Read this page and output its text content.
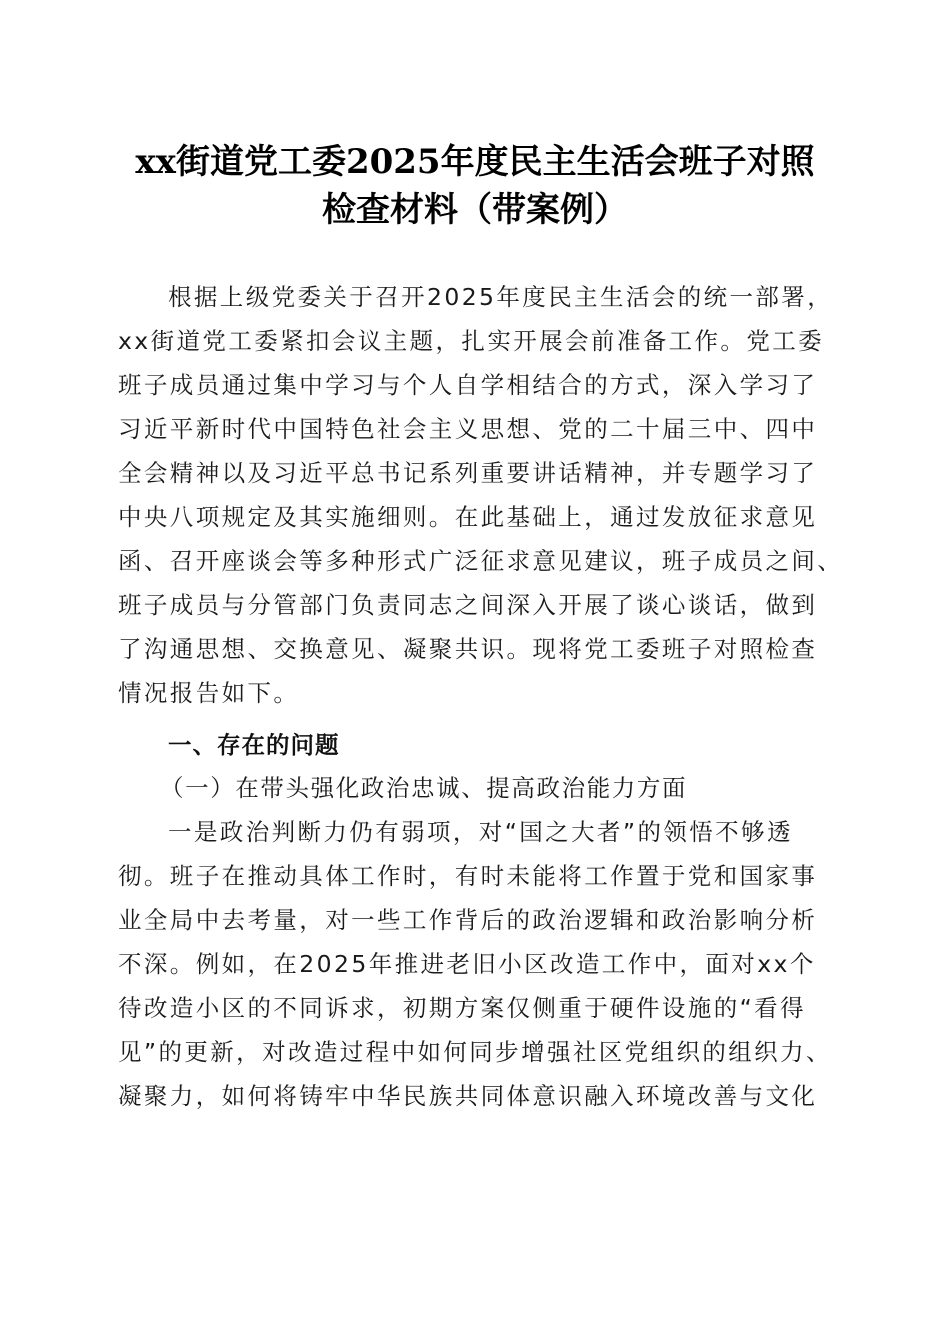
xx街道党工委2025年度民主生活会班子对照
检查材料（带案例）
根据上级党委关于召开2025年度民主生活会的统一部署，
xx街道党工委紧扣会议主题，扎实开展会前准备工作。党工委
班子成员通过集中学习与个人自学相结合的方式，深入学习了
习近平新时代中国特色社会主义思想、党的二十届三中、四中
全会精神以及习近平总书记系列重要讲话精神，并专题学习了
中央八项规定及其实施细则。在此基础上，通过发放征求意见
函、召开座谈会等多种形式广泛征求意见建议，班子成员之间、
班子成员与分管部门负责同志之间深入开展了谈心谈话，做到
了沟通思想、交换意见、凝聚共识。现将党工委班子对照检查
情况报告如下。
一、存在的问题
（一）在带头强化政治忠诚、提高政治能力方面
一是政治判断力仍有弱项，对“国之大者”的领悟不够透
彻。班子在推动具体工作时，有时未能将工作置于党和国家事
业全局中去考量，对一些工作背后的政治逻辑和政治影响分析
不深。例如，在2025年推进老旧小区改造工作中，面对xx个
待改造小区的不同诉求，初期方案仅侧重于硬件设施的“看得
见”的更新，对改造过程中如何同步增强社区党组织的组织力、
凝聚力，如何将铸牢中华民族共同体意识融入环境改善与文化
